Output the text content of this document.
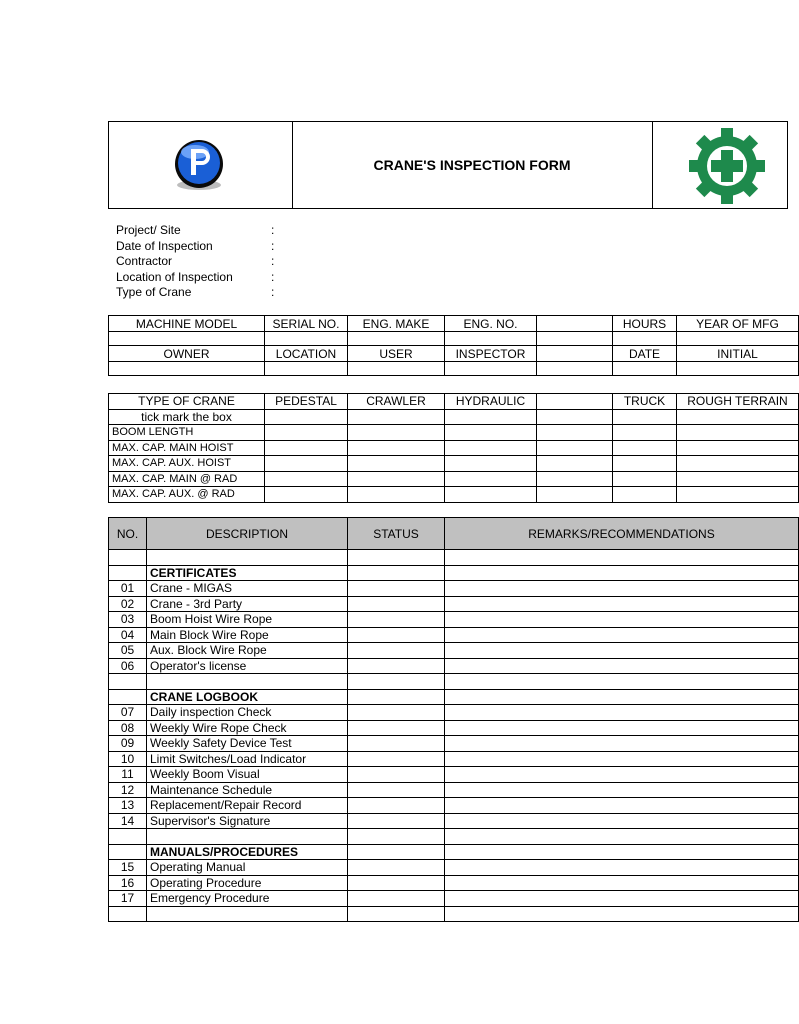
CRANE'S INSPECTION FORM
Project/ Site	:
Date of Inspection	:
Contractor	:
Location of Inspection	:
Type of Crane	:
MACHINE MODEL	SERIAL NO.	ENG. MAKE	ENG. NO.		HOURS	YEAR OF MFG

OWNER	LOCATION	USER	INSPECTOR		DATE	INITIAL

TYPE OF CRANE	PEDESTAL	CRAWLER	HYDRAULIC		TRUCK	ROUGH TERRAIN
tick mark the box						
BOOM LENGTH						
MAX. CAP. MAIN HOIST						
MAX. CAP. AUX. HOIST						
MAX. CAP. MAIN @ RAD						
MAX. CAP. AUX. @ RAD						
NO.	DESCRIPTION	STATUS	REMARKS/RECOMMENDATIONS

	CERTIFICATES		
01	Crane - MIGAS		
02	Crane - 3rd Party		
03	Boom Hoist Wire Rope		
04	Main Block Wire Rope		
05	Aux. Block Wire Rope		
06	Operator's license		

	CRANE LOGBOOK		
07	Daily inspection Check		
08	Weekly Wire Rope Check		
09	Weekly Safety Device Test		
10	Limit Switches/Load Indicator		
11	Weekly Boom Visual		
12	Maintenance Schedule		
13	Replacement/Repair Record		
14	Supervisor's Signature		

	MANUALS/PROCEDURES		
15	Operating Manual		
16	Operating Procedure		
17	Emergency Procedure		
